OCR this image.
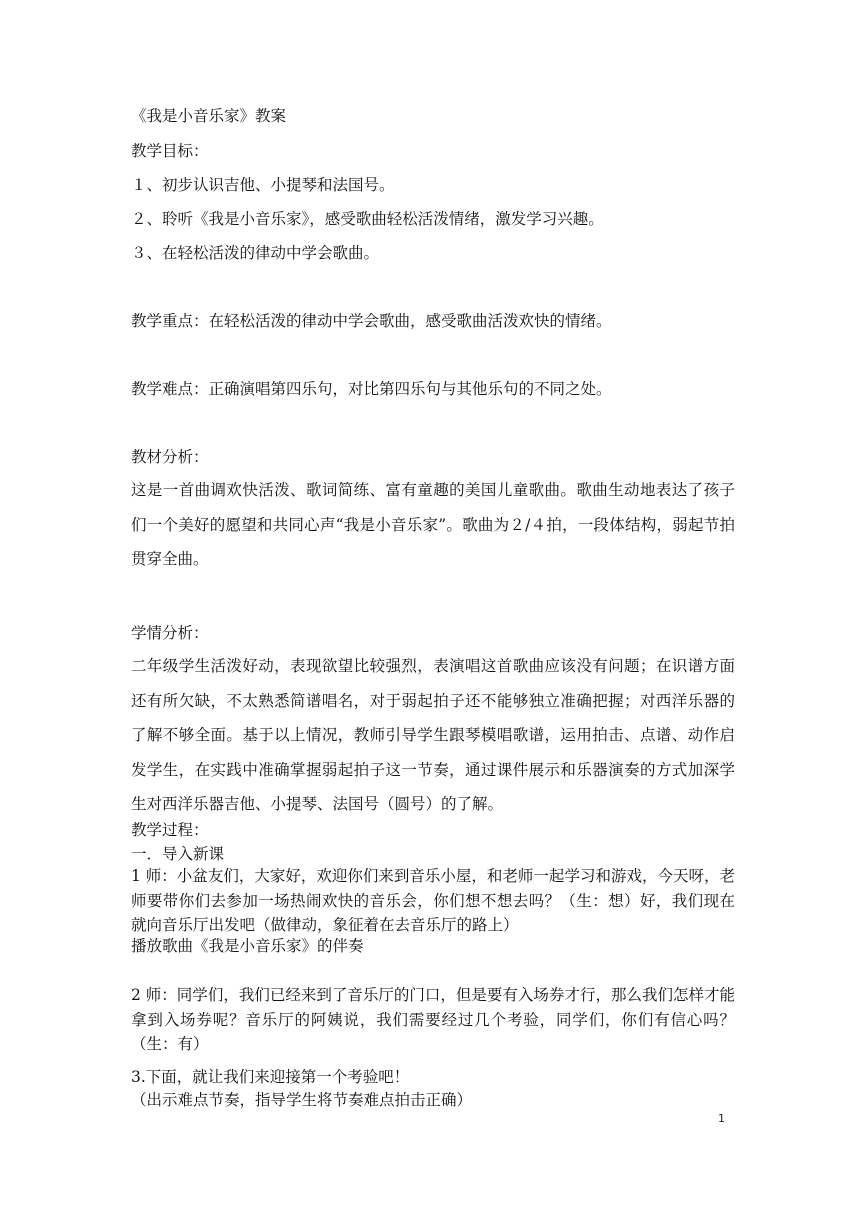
《我是小音乐家》教案
教学目标：
１、初步认识吉他、小提琴和法国号。
２、聆听《我是小音乐家》，感受歌曲轻松活泼情绪，激发学习兴趣。
３、在轻松活泼的律动中学会歌曲。
教学重点：在轻松活泼的律动中学会歌曲，感受歌曲活泼欢快的情绪。
教学难点：正确演唱第四乐句，对比第四乐句与其他乐句的不同之处。
教材分析：
这是一首曲调欢快活泼、歌词简练、富有童趣的美国儿童歌曲。歌曲生动地表达了孩子们一个美好的愿望和共同心声“我是小音乐家”。歌曲为２/４拍，一段体结构，弱起节拍贯穿全曲。
学情分析：
二年级学生活泼好动，表现欲望比较强烈，表演唱这首歌曲应该没有问题；在识谱方面还有所欠缺，不太熟悉简谱唱名，对于弱起拍子还不能够独立准确把握；对西洋乐器的了解不够全面。基于以上情况，教师引导学生跟琴模唱歌谱，运用拍击、点谱、动作启发学生，在实践中准确掌握弱起拍子这一节奏，通过课件展示和乐器演奏的方式加深学生对西洋乐器吉他、小提琴、法国号（圆号）的了解。
教学过程：
一．导入新课
1 师：小盆友们，大家好，欢迎你们来到音乐小屋，和老师一起学习和游戏，今天呀，老师要带你们去参加一场热闹欢快的音乐会，你们想不想去吗？（生：想）好，我们现在就向音乐厅出发吧（做律动，象征着在去音乐厅的路上）
播放歌曲《我是小音乐家》的伴奏
2 师：同学们，我们已经来到了音乐厅的门口，但是要有入场券才行，那么我们怎样才能拿到入场券呢？音乐厅的阿姨说，我们需要经过几个考验，同学们，你们有信心吗？（生：有）
3.下面，就让我们来迎接第一个考验吧！
（出示难点节奏，指导学生将节奏难点拍击正确）
1
